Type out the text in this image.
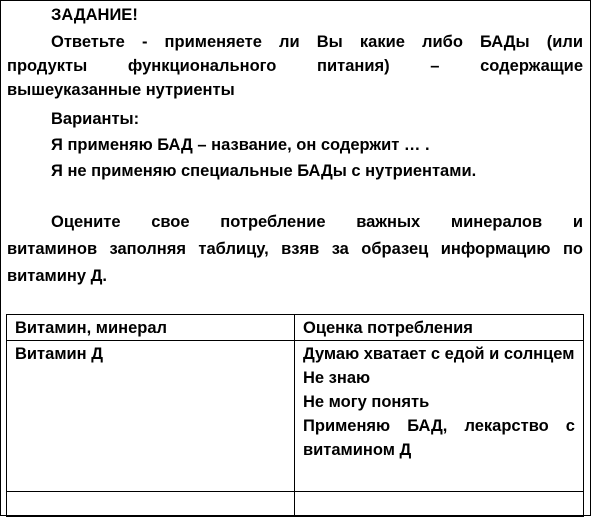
ЗАДАНИЕ!

Ответьте - применяете ли Вы какие либо БАДы (или

продукты функционального питания) – содержащие

вышеуказанные нутриенты

Варианты:

Я применяю БАД – название, он содержит … .

Я не применяю специальные БАДы с нутриентами.

Оцените свое потребление важных минералов и

витаминов заполняя таблицу, взяв за образец информацию по

витамину Д.

Витамин, минерал	Оценка потребления
Витамин Д	Думаю хватает с едой и солнцем
Не знаю
Не могу понять
Применяю БАД, лекарство с витамином Д
